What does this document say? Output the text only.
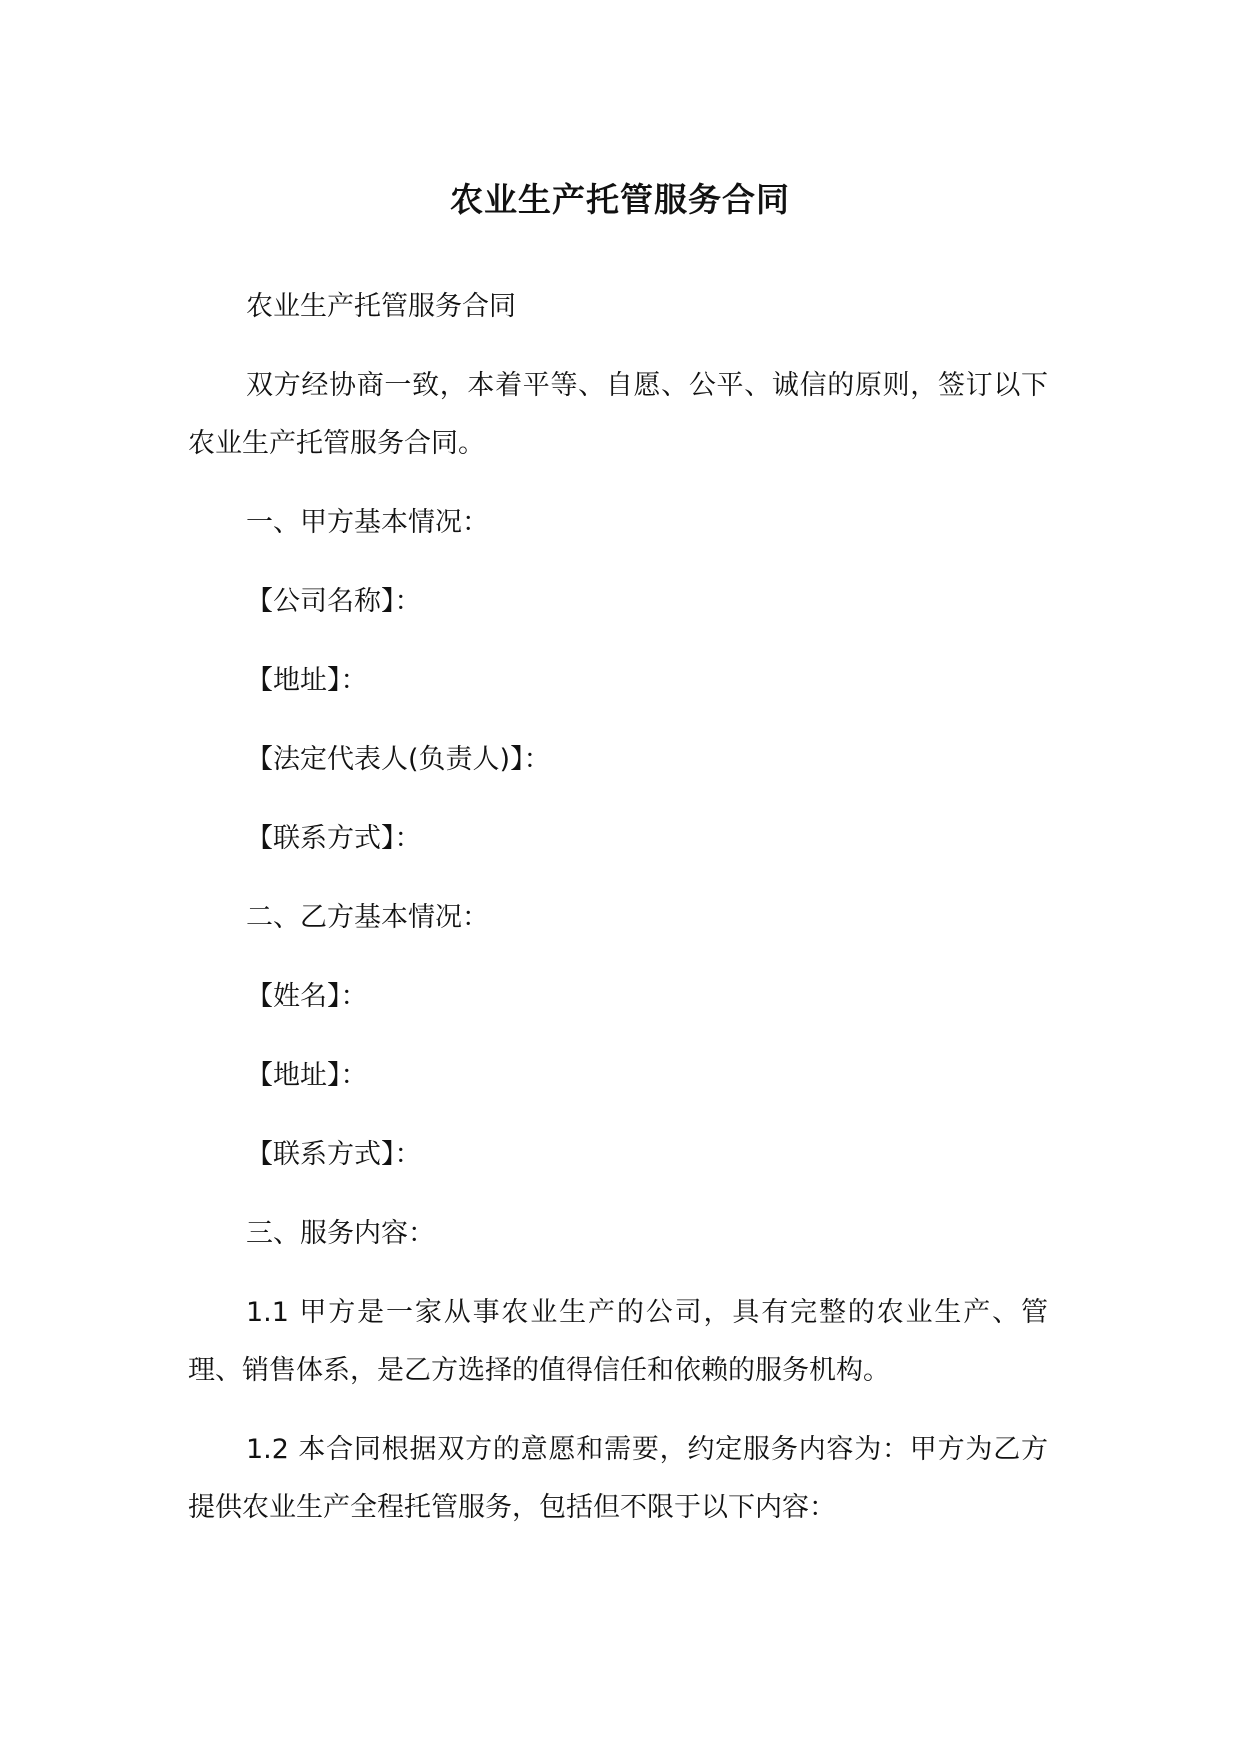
农业生产托管服务合同

农业生产托管服务合同

双方经协商一致，本着平等、自愿、公平、诚信的原则，签订以下农业生产托管服务合同。

一、甲方基本情况：

【公司名称】：

【地址】：

【法定代表人(负责人)】：

【联系方式】：

二、乙方基本情况：

【姓名】：

【地址】：

【联系方式】：

三、服务内容：

1.1 甲方是一家从事农业生产的公司，具有完整的农业生产、管理、销售体系，是乙方选择的值得信任和依赖的服务机构。

1.2 本合同根据双方的意愿和需要，约定服务内容为：甲方为乙方提供农业生产全程托管服务，包括但不限于以下内容：
